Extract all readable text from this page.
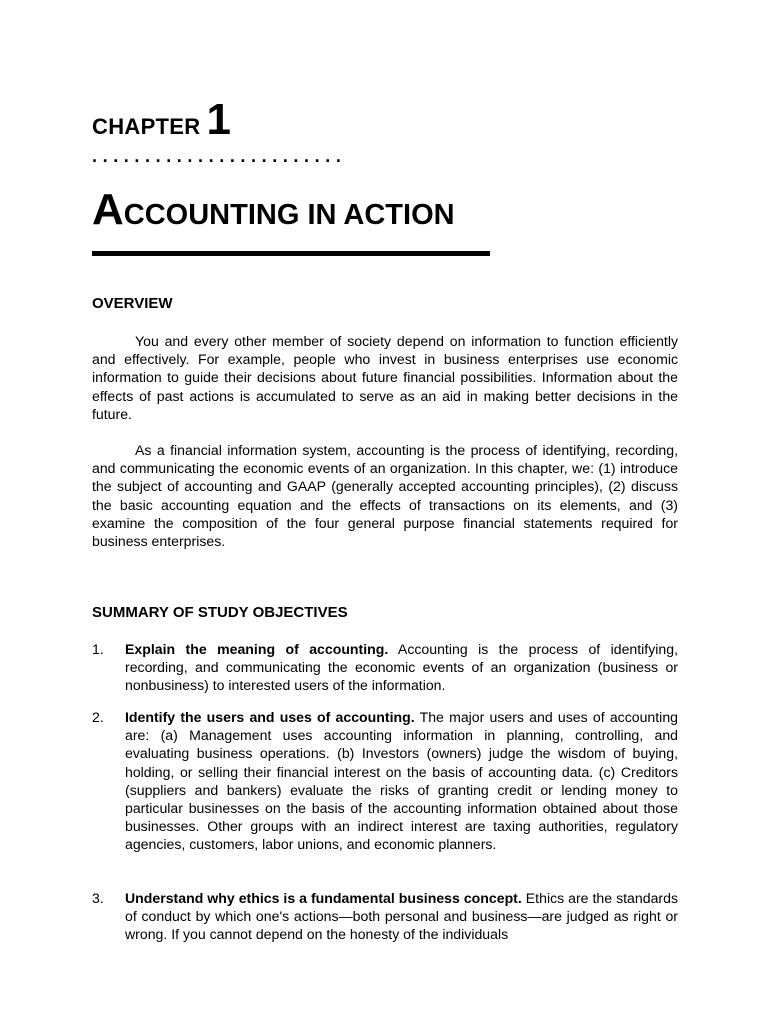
CHAPTER 1
........................
ACCOUNTING IN ACTION
OVERVIEW

You and every other member of society depend on information to function efficiently and effectively. For example, people who invest in business enterprises use economic information to guide their decisions about future financial possibilities. Information about the effects of past actions is accumulated to serve as an aid in making better decisions in the future.

As a financial information system, accounting is the process of identifying, recording, and communicating the economic events of an organization. In this chapter, we: (1) introduce the subject of accounting and GAAP (generally accepted accounting principles), (2) discuss the basic accounting equation and the effects of transactions on its elements, and (3) examine the composition of the four general purpose financial statements required for business enterprises.

SUMMARY OF STUDY OBJECTIVES
1. Explain the meaning of accounting. Accounting is the process of identifying, recording, and communicating the economic events of an organization (business or nonbusiness) to interested users of the information.
2. Identify the users and uses of accounting. The major users and uses of accounting are: (a) Management uses accounting information in planning, controlling, and evaluating business operations. (b) Investors (owners) judge the wisdom of buying, holding, or selling their financial interest on the basis of accounting data. (c) Creditors (suppliers and bankers) evaluate the risks of granting credit or lending money to particular businesses on the basis of the accounting information obtained about those businesses. Other groups with an indirect interest are taxing authorities, regulatory agencies, customers, labor unions, and economic planners.
3. Understand why ethics is a fundamental business concept. Ethics are the standards of conduct by which one's actions—both personal and business—are judged as right or wrong. If you cannot depend on the honesty of the individuals
